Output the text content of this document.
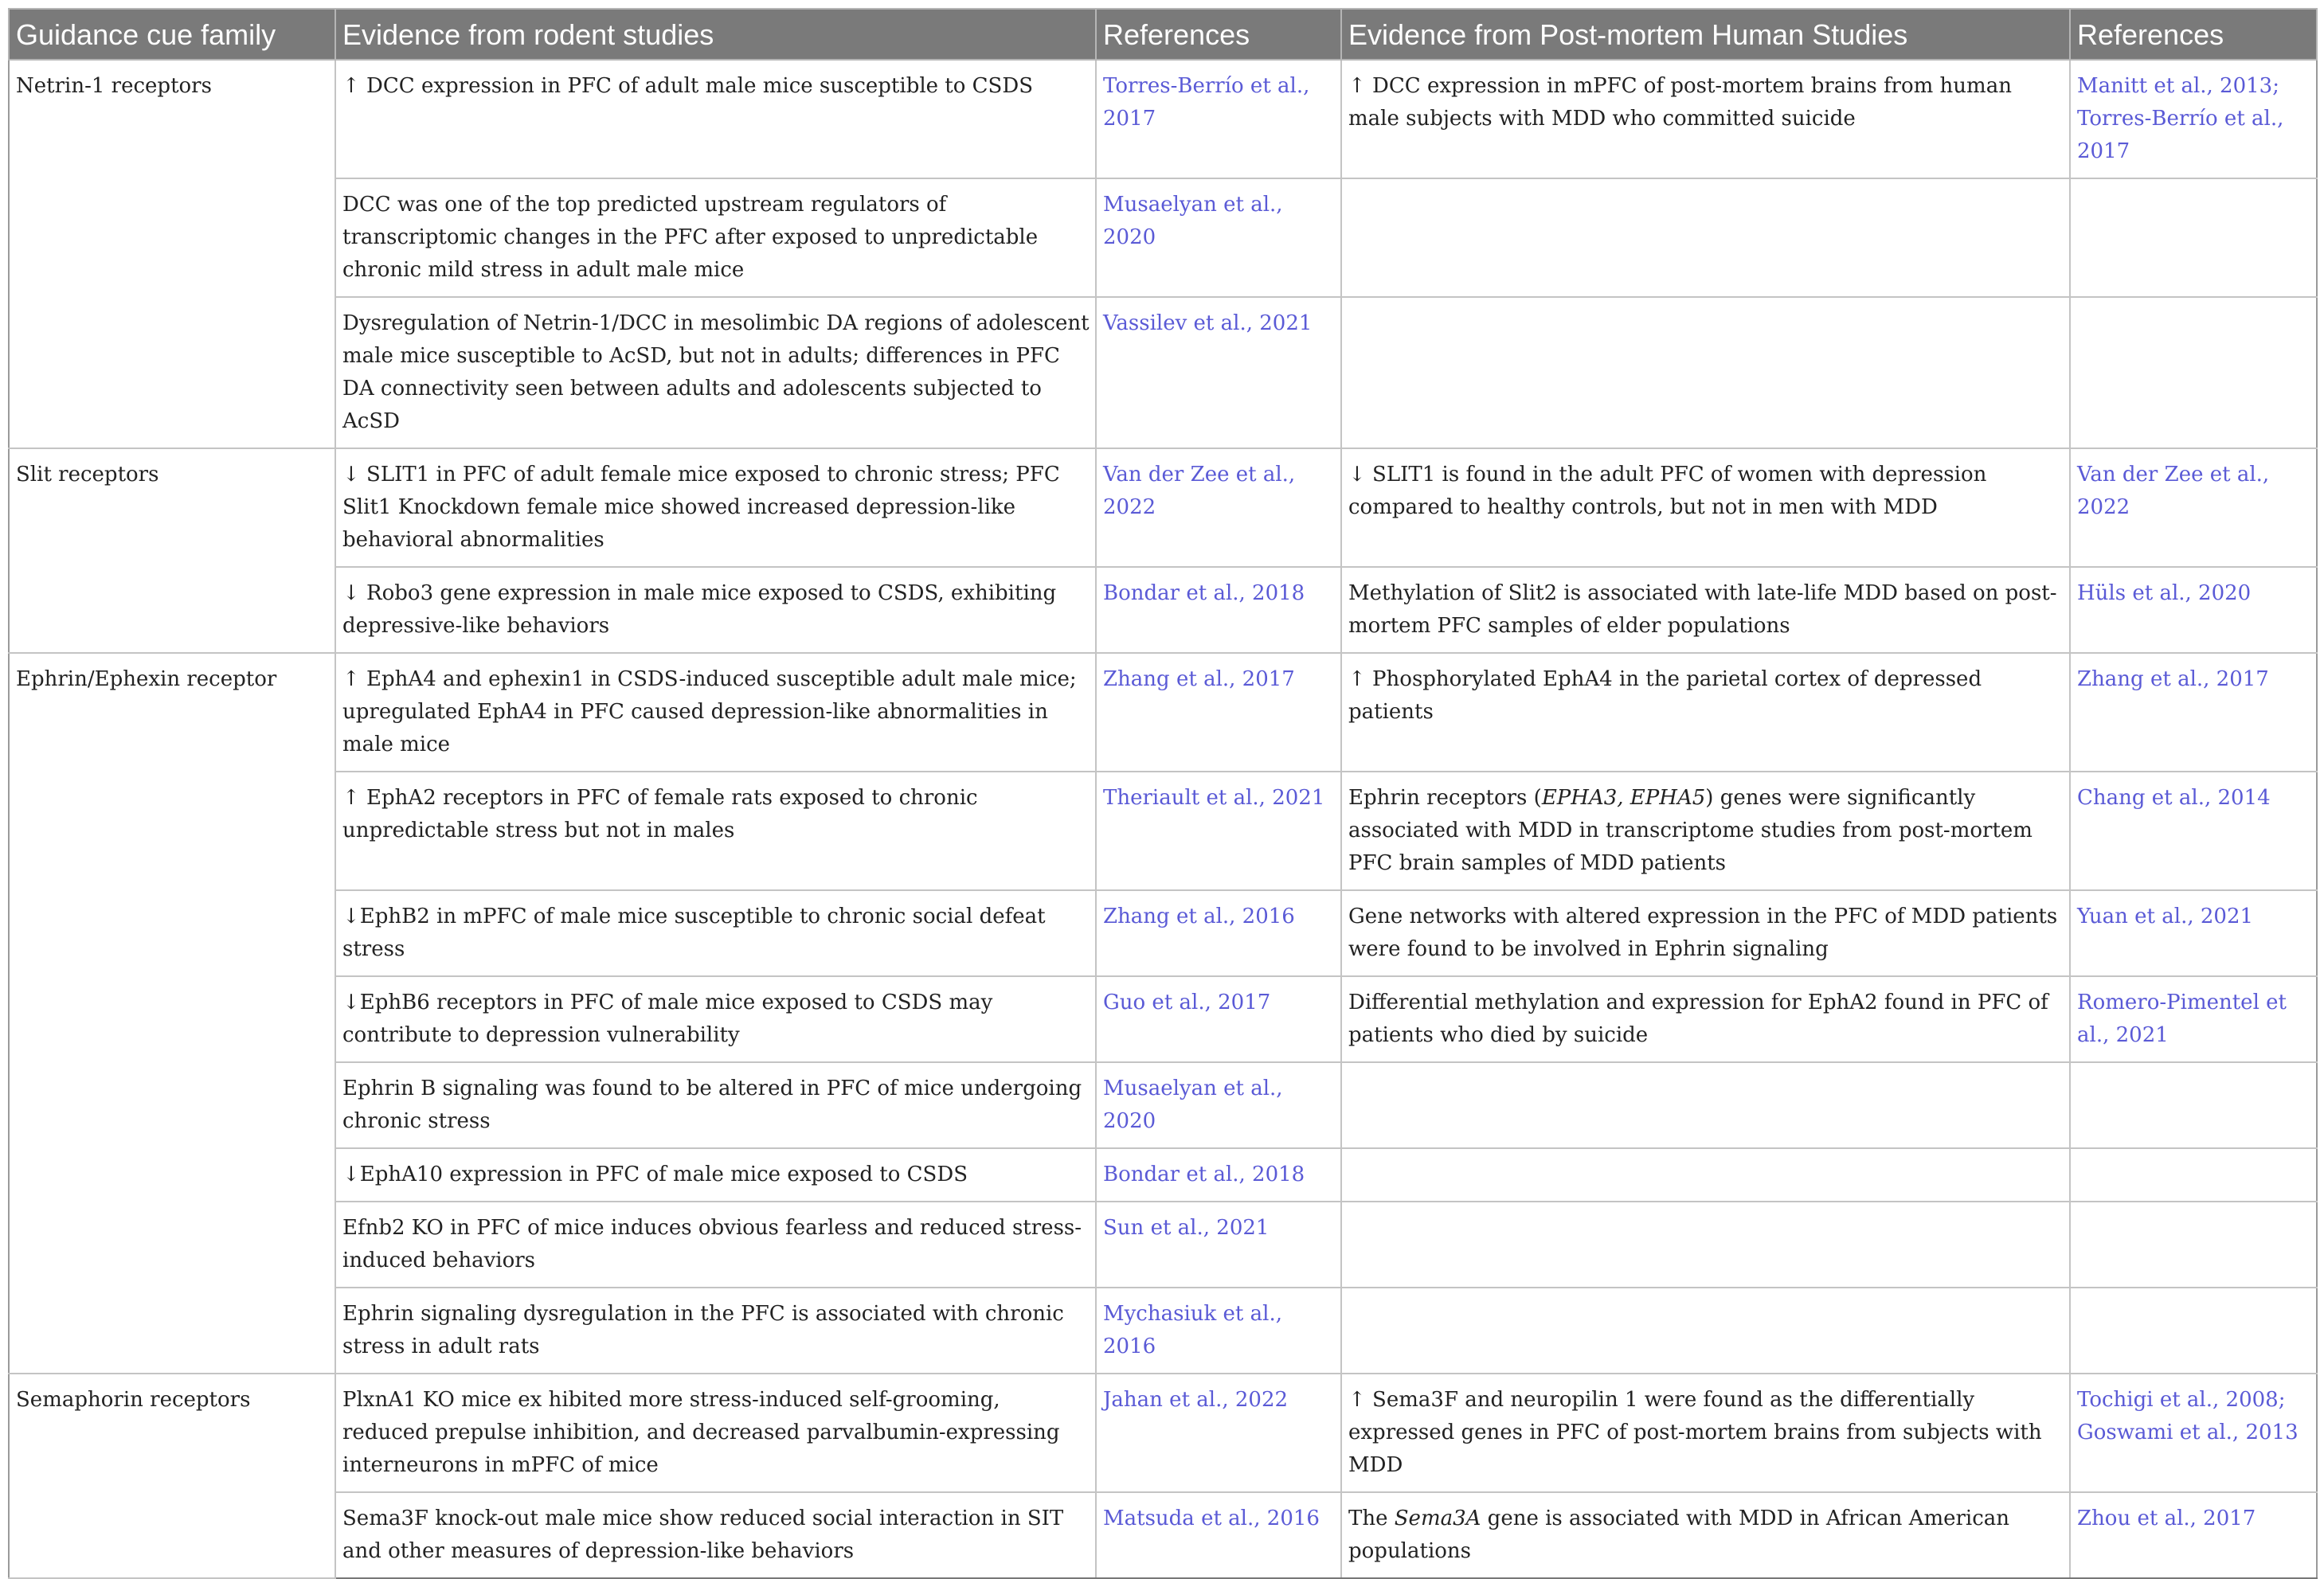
Guidance cue family	Evidence from rodent studies	References	Evidence from Post-mortem Human Studies	References
Netrin-1 receptors	↑ DCC expression in PFC of adult male mice susceptible to CSDS	Torres-Berrío et al., 2017	↑ DCC expression in mPFC of post-mortem brains from human male subjects with MDD who committed suicide	Manitt et al., 2013; Torres-Berrío et al., 2017
	DCC was one of the top predicted upstream regulators of transcriptomic changes in the PFC after exposed to unpredictable chronic mild stress in adult male mice	Musaelyan et al., 2020		
	Dysregulation of Netrin-1/DCC in mesolimbic DA regions of adolescent male mice susceptible to AcSD, but not in adults; differences in PFC DA connectivity seen between adults and adolescents subjected to AcSD	Vassilev et al., 2021		
Slit receptors	↓ SLIT1 in PFC of adult female mice exposed to chronic stress; PFC Slit1 Knockdown female mice showed increased depression-like behavioral abnormalities	Van der Zee et al., 2022	↓ SLIT1 is found in the adult PFC of women with depression compared to healthy controls, but not in men with MDD	Van der Zee et al., 2022
	↓ Robo3 gene expression in male mice exposed to CSDS, exhibiting depressive-like behaviors	Bondar et al., 2018	Methylation of Slit2 is associated with late-life MDD based on post-mortem PFC samples of elder populations	Hüls et al., 2020
Ephrin/Ephexin receptor	↑ EphA4 and ephexin1 in CSDS-induced susceptible adult male mice; upregulated EphA4 in PFC caused depression-like abnormalities in male mice	Zhang et al., 2017	↑ Phosphorylated EphA4 in the parietal cortex of depressed patients	Zhang et al., 2017
	↑ EphA2 receptors in PFC of female rats exposed to chronic unpredictable stress but not in males	Theriault et al., 2021	Ephrin receptors (EPHA3, EPHA5) genes were significantly associated with MDD in transcriptome studies from post-mortem PFC brain samples of MDD patients	Chang et al., 2014
	↓EphB2 in mPFC of male mice susceptible to chronic social defeat stress	Zhang et al., 2016	Gene networks with altered expression in the PFC of MDD patients were found to be involved in Ephrin signaling	Yuan et al., 2021
	↓EphB6 receptors in PFC of male mice exposed to CSDS may contribute to depression vulnerability	Guo et al., 2017	Differential methylation and expression for EphA2 found in PFC of patients who died by suicide	Romero-Pimentel et al., 2021
	Ephrin B signaling was found to be altered in PFC of mice undergoing chronic stress	Musaelyan et al., 2020		
	↓EphA10 expression in PFC of male mice exposed to CSDS	Bondar et al., 2018		
	Efnb2 KO in PFC of mice induces obvious fearless and reduced stress-induced behaviors	Sun et al., 2021		
	Ephrin signaling dysregulation in the PFC is associated with chronic stress in adult rats	Mychasiuk et al., 2016		
Semaphorin receptors	PlxnA1 KO mice ex hibited more stress-induced self-grooming, reduced prepulse inhibition, and decreased parvalbumin-expressing interneurons in mPFC of mice	Jahan et al., 2022	↑ Sema3F and neuropilin 1 were found as the differentially expressed genes in PFC of post-mortem brains from subjects with MDD	Tochigi et al., 2008; Goswami et al., 2013
	Sema3F knock-out male mice show reduced social interaction in SIT and other measures of depression-like behaviors	Matsuda et al., 2016	The Sema3A gene is associated with MDD in African American populations	Zhou et al., 2017
